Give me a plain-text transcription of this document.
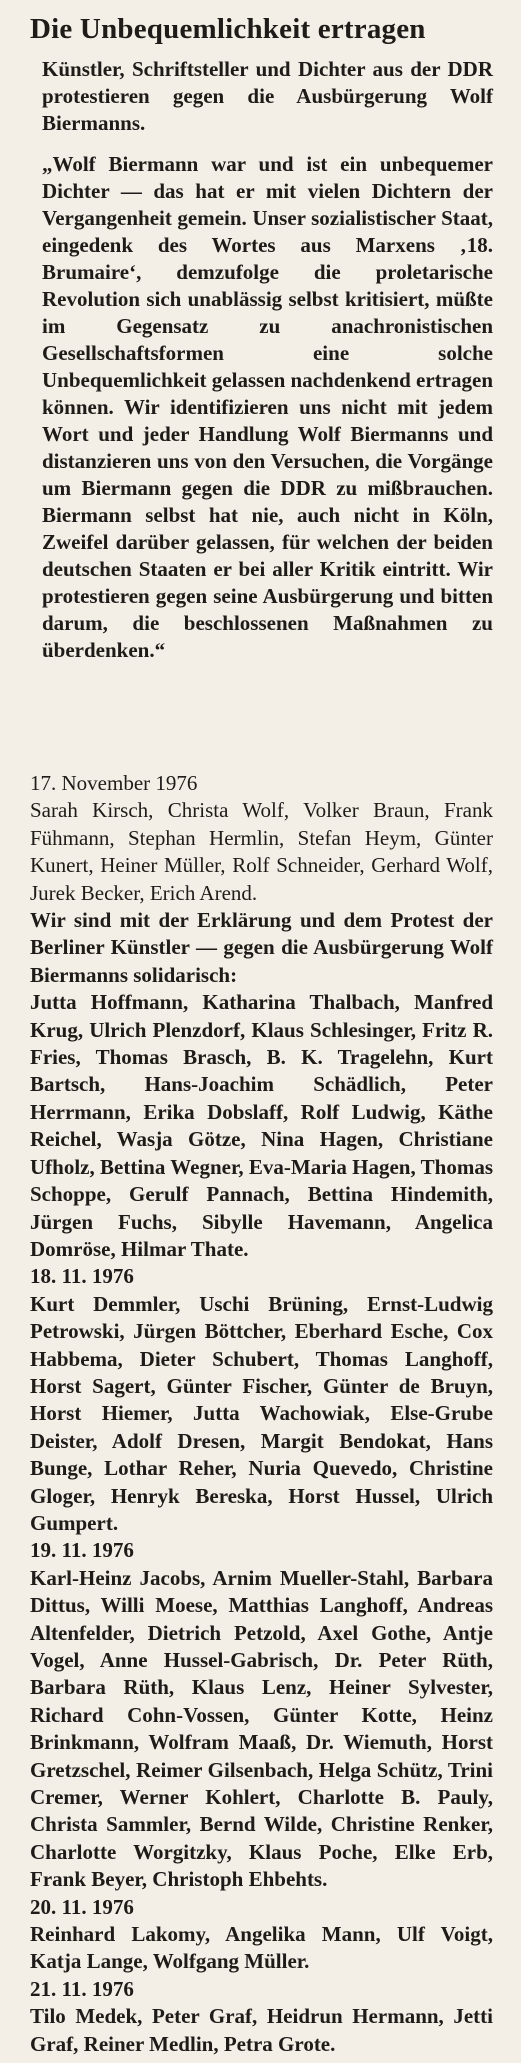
Die Unbequemlichkeit ertragen

Künstler, Schriftsteller und Dichter aus der DDR protestieren gegen die Ausbürgerung Wolf Biermanns.

„Wolf Biermann war und ist ein unbequemer Dichter — das hat er mit vielen Dichtern der Vergangenheit gemein. Unser sozialistischer Staat, eingedenk des Wortes aus Marxens ‚18. Brumaire‘, demzufolge die proletarische Revolution sich unablässig selbst kritisiert, müßte im Gegensatz zu anachronistischen Gesellschaftsformen eine solche Unbequemlichkeit gelassen nachdenkend ertragen können. Wir identifizieren uns nicht mit jedem Wort und jeder Handlung Wolf Biermanns und distanzieren uns von den Versuchen, die Vorgänge um Biermann gegen die DDR zu mißbrauchen. Biermann selbst hat nie, auch nicht in Köln, Zweifel darüber gelassen, für welchen der beiden deutschen Staaten er bei aller Kritik eintritt. Wir protestieren gegen seine Ausbürgerung und bitten darum, die beschlossenen Maßnahmen zu überdenken.“

17. November 1976
Sarah Kirsch, Christa Wolf, Volker Braun, Frank Fühmann, Stephan Hermlin, Stefan Heym, Günter Kunert, Heiner Müller, Rolf Schneider, Gerhard Wolf, Jurek Becker, Erich Arend.
Wir sind mit der Erklärung und dem Protest der Berliner Künstler — gegen die Ausbürgerung Wolf Biermanns solidarisch:
Jutta Hoffmann, Katharina Thalbach, Manfred Krug, Ulrich Plenzdorf, Klaus Schlesinger, Fritz R. Fries, Thomas Brasch, B. K. Tragelehn, Kurt Bartsch, Hans-Joachim Schädlich, Peter Herrmann, Erika Dobslaff, Rolf Ludwig, Käthe Reichel, Wasja Götze, Nina Hagen, Christiane Ufholz, Bettina Wegner, Eva-Maria Hagen, Thomas Schoppe, Gerulf Pannach, Bettina Hindemith, Jürgen Fuchs, Sibylle Havemann, Angelica Domröse, Hilmar Thate.
18. 11. 1976
Kurt Demmler, Uschi Brüning, Ernst-Ludwig Petrowski, Jürgen Böttcher, Eberhard Esche, Cox Habbema, Dieter Schubert, Thomas Langhoff, Horst Sagert, Günter Fischer, Günter de Bruyn, Horst Hiemer, Jutta Wachowiak, Else-Grube Deister, Adolf Dresen, Margit Bendokat, Hans Bunge, Lothar Reher, Nuria Quevedo, Christine Gloger, Henryk Bereska, Horst Hussel, Ulrich Gumpert.
19. 11. 1976
Karl-Heinz Jacobs, Arnim Mueller-Stahl, Barbara Dittus, Willi Moese, Matthias Langhoff, Andreas Altenfelder, Dietrich Petzold, Axel Gothe, Antje Vogel, Anne Hussel-Gabrisch, Dr. Peter Rüth, Barbara Rüth, Klaus Lenz, Heiner Sylvester, Richard Cohn-Vossen, Günter Kotte, Heinz Brinkmann, Wolfram Maaß, Dr. Wiemuth, Horst Gretzschel, Reimer Gilsenbach, Helga Schütz, Trini Cremer, Werner Kohlert, Charlotte B. Pauly, Christa Sammler, Bernd Wilde, Christine Renker, Charlotte Worgitzky, Klaus Poche, Elke Erb, Frank Beyer, Christoph Ehbehts.
20. 11. 1976
Reinhard Lakomy, Angelika Mann, Ulf Voigt, Katja Lange, Wolfgang Müller.
21. 11. 1976
Tilo Medek, Peter Graf, Heidrun Hermann, Jetti Graf, Reiner Medlin, Petra Grote.
